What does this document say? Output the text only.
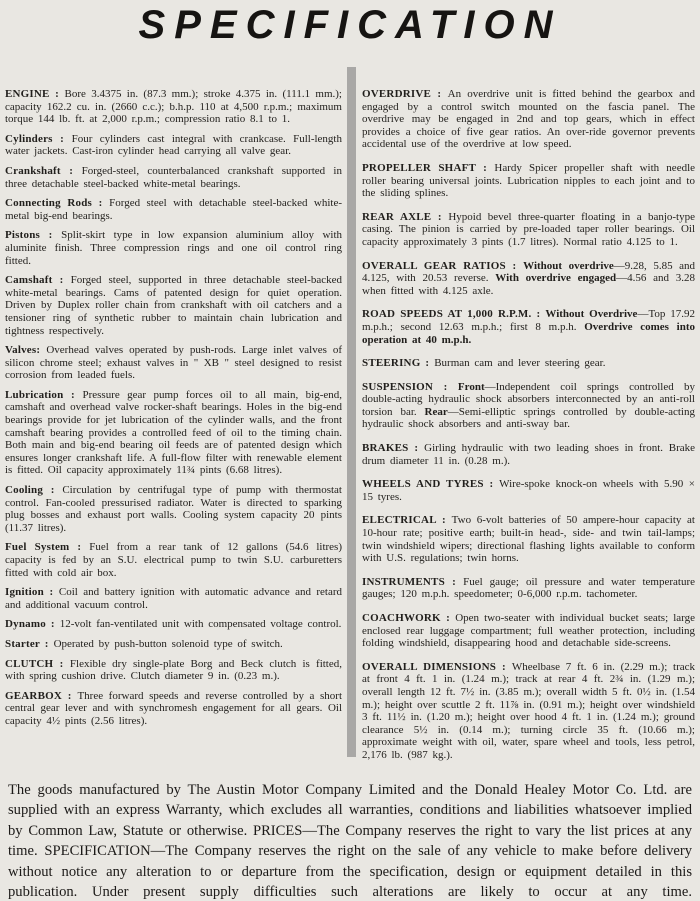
SPECIFICATION

ENGINE : Bore 3.4375 in. (87.3 mm.); stroke 4.375 in. (111.1 mm.); capacity 162.2 cu. in. (2660 c.c.); b.h.p. 110 at 4,500 r.p.m.; maximum torque 144 lb. ft. at 2,000 r.p.m.; compression ratio 8.1 to 1.

Cylinders : Four cylinders cast integral with crankcase. Full-length water jackets. Cast-iron cylinder head carrying all valve gear.

Crankshaft : Forged-steel, counterbalanced crankshaft supported in three detachable steel-backed white-metal bearings.

Connecting Rods : Forged steel with detachable steel-backed white-metal big-end bearings.

Pistons : Split-skirt type in low expansion aluminium alloy with aluminite finish. Three compression rings and one oil control ring fitted.

Camshaft : Forged steel, supported in three detachable steel-backed white-metal bearings. Cams of patented design for quiet operation. Driven by Duplex roller chain from crankshaft with oil catchers and a tensioner ring of synthetic rubber to maintain chain lubrication and tightness respectively.

Valves: Overhead valves operated by push-rods. Large inlet valves of silicon chrome steel; exhaust valves in " XB " steel designed to resist corrosion from leaded fuels.

Lubrication : Pressure gear pump forces oil to all main, big-end, camshaft and overhead valve rocker-shaft bearings. Holes in the big-end bearings provide for jet lubrication of the cylinder walls, and the front camshaft bearing provides a controlled feed of oil to the timing chain. Both main and big-end bearing oil feeds are of patented design which ensures longer crankshaft life. A full-flow filter with renewable element is fitted. Oil capacity approximately 11¾ pints (6.68 litres).

Cooling : Circulation by centrifugal type of pump with thermostat control. Fan-cooled pressurised radiator. Water is directed to sparking plug bosses and exhaust port walls. Cooling system capacity 20 pints (11.37 litres).

Fuel System : Fuel from a rear tank of 12 gallons (54.6 litres) capacity is fed by an S.U. electrical pump to twin S.U. carburetters fitted with cold air box.

Ignition : Coil and battery ignition with automatic advance and retard and additional vacuum control.

Dynamo : 12-volt fan-ventilated unit with compensated voltage control.

Starter : Operated by push-button solenoid type of switch.

CLUTCH : Flexible dry single-plate Borg and Beck clutch is fitted, with spring cushion drive. Clutch diameter 9 in. (0.23 m.).

GEARBOX : Three forward speeds and reverse controlled by a short central gear lever and with synchromesh engagement for all gears. Oil capacity 4½ pints (2.56 litres).

OVERDRIVE : An overdrive unit is fitted behind the gearbox and engaged by a control switch mounted on the fascia panel. The overdrive may be engaged in 2nd and top gears, which in effect provides a choice of five gear ratios. An over-ride governor prevents accidental use of the overdrive at low speed.

PROPELLER SHAFT : Hardy Spicer propeller shaft with needle roller bearing universal joints. Lubrication nipples to each joint and to the sliding splines.

REAR AXLE : Hypoid bevel three-quarter floating in a banjo-type casing. The pinion is carried by pre-loaded taper roller bearings. Oil capacity approximately 3 pints (1.7 litres). Normal ratio 4.125 to 1.

OVERALL GEAR RATIOS : Without overdrive—9.28, 5.85 and 4.125, with 20.53 reverse. With overdrive engaged—4.56 and 3.28 when fitted with 4.125 axle.

ROAD SPEEDS AT 1,000 R.P.M. : Without Overdrive—Top 17.92 m.p.h.; second 12.63 m.p.h.; first 8 m.p.h. Overdrive comes into operation at 40 m.p.h.

STEERING : Burman cam and lever steering gear.

SUSPENSION : Front—Independent coil springs controlled by double-acting hydraulic shock absorbers interconnected by an anti-roll torsion bar. Rear—Semi-elliptic springs controlled by double-acting hydraulic shock absorbers and anti-sway bar.

BRAKES : Girling hydraulic with two leading shoes in front. Brake drum diameter 11 in. (0.28 m.).

WHEELS AND TYRES : Wire-spoke knock-on wheels with 5.90 × 15 tyres.

ELECTRICAL : Two 6-volt batteries of 50 ampere-hour capacity at 10-hour rate; positive earth; built-in head-, side- and twin tail-lamps; twin windshield wipers; directional flashing lights available to conform with U.S. regulations; twin horns.

INSTRUMENTS : Fuel gauge; oil pressure and water temperature gauges; 120 m.p.h. speedometer; 0-6,000 r.p.m. tachometer.

COACHWORK : Open two-seater with individual bucket seats; large enclosed rear luggage compartment; full weather protection, including folding windshield, disappearing hood and detachable side-screens.

OVERALL DIMENSIONS : Wheelbase 7 ft. 6 in. (2.29 m.); track at front 4 ft. 1 in. (1.24 m.); track at rear 4 ft. 2¾ in. (1.29 m.); overall length 12 ft. 7½ in. (3.85 m.); overall width 5 ft. 0½ in. (1.54 m.); height over scuttle 2 ft. 11⅞ in. (0.91 m.); height over windshield 3 ft. 11½ in. (1.20 m.); height over hood 4 ft. 1 in. (1.24 m.); ground clearance 5½ in. (0.14 m.); turning circle 35 ft. (10.66 m.); approximate weight with oil, water, spare wheel and tools, less petrol, 2,176 lb. (987 kg.).

The goods manufactured by The Austin Motor Company Limited and the Donald Healey Motor Co. Ltd. are supplied with an express Warranty, which excludes all warranties, conditions and liabilities whatsoever implied by Common Law, Statute or otherwise. PRICES—The Company reserves the right to vary the list prices at any time. SPECIFICATION—The Company reserves the right on the sale of any vehicle to make before delivery without notice any alteration to or departure from the specification, design or equipment detailed in this publication. Under present supply difficulties such alterations are likely to occur at any time.
